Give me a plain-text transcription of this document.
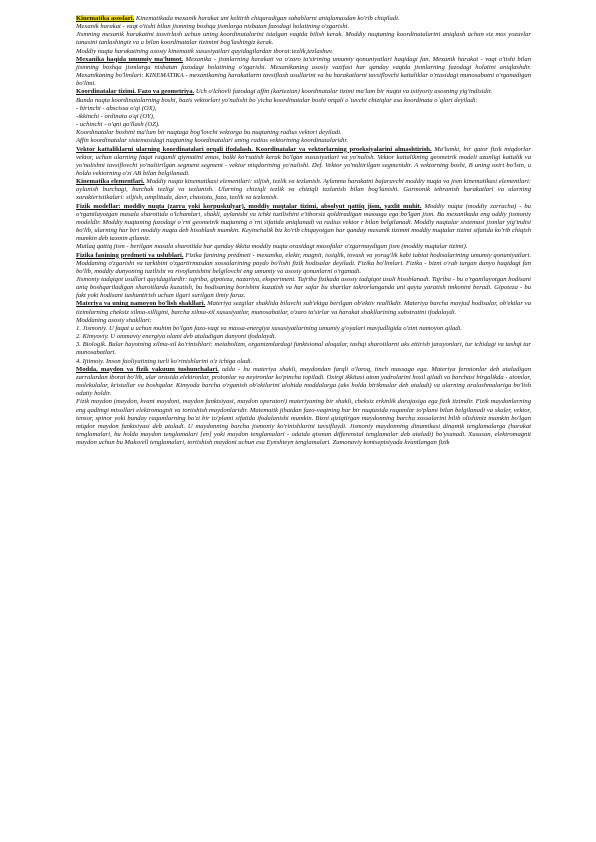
Kinematika asoslari. Kinematikada mexanik harakat uni keltirib chiqaradigan sabablarni aniqlamasdan ko'rib chiqiladi.

Mexanik harakat - vaqt o'tishi bilan jismning boshqa jismlarga nisbatan fazodagi holatining o'zgarishi.

Jismning mexanik harakatini tasvirlash uchun uning koordinatalarini istalgan vaqtda bilish kerak. Moddiy nuqtaning koordinatalarini aniqlash uchun siz mos yozuvlar tanasini tanlashingiz va u bilan koordinatalar tizimini bog'lashingiz kerak.

Moddiy nuqta harakatining asosiy kinematik xususiyatlari quyidagilardan iborat:tezlik,tezlashuv.

Mexanika haqida umumiy ma'lumot. Mexanika - jismlarning harakati va o'zaro ta'sirining umumiy qonuniyatlari haqidagi fan. Mexanik harakat - vaqt o'tishi bilan jismning boshqa jismlarga nisbatan fazodagi holatining o'zgarishi. Mexanikaning asosiy vazifasi har qanday vaqtda jismlarning fazodagi holatini aniqlashdir. Mexanikaning bo'limlari: KINEMATIKA - mexanikaning harakatlarni tavsiflash usullarini va bu harakatlarni tavsiflovchi kattaliklar o'rtasidagi munosabatni o'rganadigan bo'limi.

Koordinatalar tizimi. Fazo va geometriya. Uch o'lchovli fazodagi affin (kartezian) koordinatalar tizimi ma'lum bir nuqta va ixtiyoriy asosning yig'indisidir.

Bunda nuqta koordinatalarning boshi, bazis vektorlari yo'nalishi bo`yicha koordinatalar boshi orqali o`tuvchi chiziqlar esa koordinata o`qlari deyiladi:

- birinchi - abscissa o'qi (OX),

-ikkinchi - ordinata o'qi (OY),

- uchinchi - o'qni qo'llash (OZ).

Koordinatalar boshini ma'lum bir nuqtaga bog'lovchi vektorga bu nuqtaning radius vektori deyiladi.

Affin koordinatalar sistemasidagi nuqtaning koordinatalari uning radius vektorining koordinatalaridir.

Vektor kattaliklarni ularning koordinatalari orqali ifodalash. Koordinatalar va vektorlarning proeksiyalarini almashtirish. Ma'lumki, bir qator fizik miqdorlar vektor, uchun ularning faqat raqamli qiymatini emas, balki ko'rsatish kerak bo'lgan xususiyatlari va yo'nalish. Vektor kattalikning geometrik modeli uzunligi kattalik va yo'nalishni tavsiflovchi yo'naltirilgan segment segment - vektor miqdorining yo'nalishi. Def. Vektor yo'naltirilgan segmentdir. A vektorning boshi, B uning oxiri bo'lsin, u holda vektorning o'zi AB bilan belgilanadi.

Kinematika elementlari. Moddiy nuqta kinematikasi elementlari: siljish, tezlik va tezlanish. Aylanma harakatni bajaruvchi moddiy nuqta va jism kinematikasi elementlari: aylanish burchagi, burchak tezligi va tezlanish. Ularning chiziqli tezlik va chiziqli tezlanish bilan bog'lanishi. Garmonik tebranish harakatlari va ularning xarakteristikalari: siljish, amplituda, davr, chastota, faza, tezlik va tezlanish.

Fizik modellar: moddiy nuqta (zarra yoki korpuskulyar), moddiy nuqtalar tizimi, absolyut qattiq jism, yaxlit muhit. Moddiy nuqta (moddiy zarracha) - bu o'rganilayotgan masala sharoitida o'lchamlari, shakli, aylanishi va ichki tuzilishini e'tiborsiz qoldiradigan massaga ega bo'lgan jism. Bu mexanikada eng oddiy jismoniy modeldir. Moddiy nuqtaning fazodagi o`rni geometrik nuqtaning o`rni sifatida aniqlanadi va radius vektor r bilan belgilanadi. Moddiy nuqtalar sistemasi jismlar yig'indisi bo'lib, ularning har biri moddiy nuqta deb hisoblash mumkin. Keyinchalik biz ko'rib chiqayotgan har qanday mexanik tizimni moddiy nuqtalar tizimi sifatida ko'rib chiqish mumkin deb taxmin qilamiz.

Mutlaq qattiq jism - berilgan masala sharoitida har qanday ikkita moddiy nuqta orasidagi masofalar o'zgarmaydigan jism (moddiy nuqtalar tizimi).

Fizika fanining predmeti va uslublari. Fizika fanining predmeti - mexanika, elektr, magnit, issiqlik, tovush va yorug'lik kabi tabiat hodisalarining umumiy qonuniyatlari. Moddaning o'zgarishi va tarkibini o'zgartirmasdan xossalarining paydo bo'lishi fizik hodisalar deyiladi. Fizika bo'limlari. Fizika - bizni o'rab turgan dunyo haqidagi fan bo'lib, moddiy dunyoning tuzilishi va rivojlanishini belgilovchi eng umumiy va asosiy qonunlarni o'rganadi.

Jismoniy tadqiqot usullari quyidagilardir: tajriba, gipoteza, nazariya, eksperiment. Tajriba fizikada asosiy tadqiqot usuli hisoblanadi. Tajriba - bu o'rganilayotgan hodisani aniq boshqariladigan sharoitlarda kuzatish, bu hodisaning borishini kuzatish va har safar bu shartlar takrorlanganda uni qayta yaratish imkonini beradi. Gipoteza - bu fakt yoki hodisani tushuntirish uchun ilgari surilgan ilmiy faraz.

Materiya va uning namoyon bo'lish shakllari. Materiya sezgilar shaklida biluvchi sub'ektga berilgan ob'ektiv reallikdir. Materiya barcha mavjud hodisalar, ob'ektlar va tizimlarning cheksiz xilma-xilligini, barcha xilma-xil xususiyatlar, munosabatlar, o'zaro ta'sirlar va harakat shakllarining substratini ifodalaydi.

Moddaning asosiy shakllari:

1. Jismoniy. U faqat u uchun muhim bo'lgan fazo-vaqt va massa-energiya xususiyatlarining umumiy g'oyalari mavjudligida o'zini namoyon qiladi.

2. Kimyoviy. U ommaviy energiya olami deb ataladigan dunyoni ifodalaydi.

3. Biologik. Bular hayotning xilma-xil ko'rinishlari: metabolizm, organizmlardagi funktsional aloqalar, tashqi sharoitlarni aks ettirish jarayonlari, tur ichidagi va tashqi tur munosabatlari.

4. Ijtimoiy. Inson faoliyatining turli ko'rinishlarini o'z ichiga oladi.

Modda, maydon va fizik vakuum tushunchalari. odda - bu materiya shakli, maydondan farqli o'laroq, tinch massaga ega. Materiya fermionlar deb ataladigan zarralardan iborat bo'lib, ular orasida elektronlar, protonlar va neytronlar ko'pincha topiladi. Oxirgi ikkitasi atom yadrolarini hosil qiladi va barchasi birgalikda - atomlar, molekulalar, kristallar va boshqalar. Kimyoda barcha o'rganish ob'ektlarini alohida moddalarga (aks holda birikmalar deb ataladi) va ularning aralashmalariga bo'lish odatiy holdir.

Fizik maydon (maydon, kvant maydoni, maydon funktsiyasi, maydon operatori) materiyaning bir shakli, cheksiz erkinlik darajasiga ega fizik tizimdir. Fizik maydonlarning eng qadimgi misollari elektromagnit va tortishish maydonlaridir. Matematik jihatdan fazo-vaqtning har bir nuqtasida raqamlar to'plami bilan belgilanadi va skaler, vektor, tensor, spinor yoki bunday raqamlarning ba'zi bir to'plami sifatida ifodalanishi mumkin. Bizni qiziqtirgan maydonning barcha xossalarini bilib olishimiz mumkin bo'lgan miqdor maydon funktsiyasi deb ataladi. U maydonning barcha jismoniy ko'rinishlarini tavsiflaydi. Jismoniy maydonning dinamikasi dinamik tenglamalarga (harakat tenglamalari, bu holda maydon tenglamalari [en] yoki maydon tenglamalari - odatda qisman differensial tenglamalar deb ataladi) bo'ysunadi. Xususan, elektromagnit maydon uchun bu Maksvell tenglamalari, tortishish maydoni uchun esa Eynshteyn tenglamalari. Zamonaviy kontseptsiyada kvantlangan fizik
